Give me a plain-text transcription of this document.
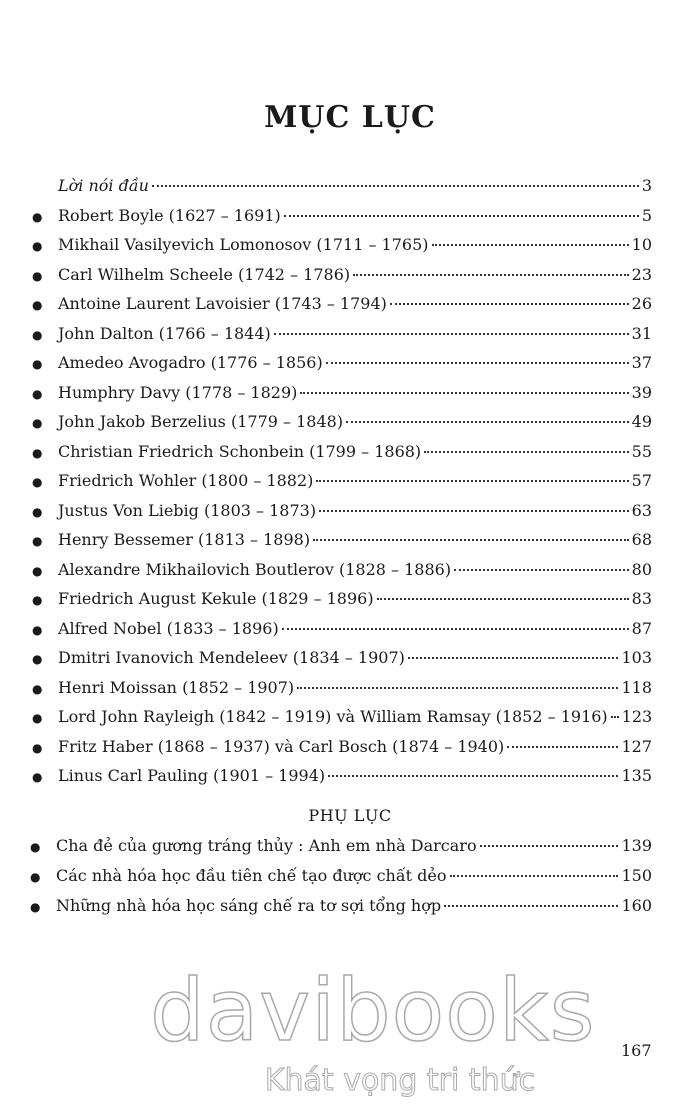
MỤC LỤC
Lời nói đầu	3
● Robert Boyle (1627 – 1691)	5
● Mikhail Vasilyevich Lomonosov (1711 – 1765)	10
● Carl Wilhelm Scheele (1742 – 1786)	23
● Antoine Laurent Lavoisier (1743 – 1794)	26
● John Dalton (1766 – 1844)	31
● Amedeo Avogadro (1776 – 1856)	37
● Humphry Davy (1778 – 1829)	39
● John Jakob Berzelius (1779 – 1848)	49
● Christian Friedrich Schonbein (1799 – 1868)	55
● Friedrich Wohler (1800 – 1882)	57
● Justus Von Liebig (1803 – 1873)	63
● Henry Bessemer (1813 – 1898)	68
● Alexandre Mikhailovich Boutlerov (1828 – 1886)	80
● Friedrich August Kekule (1829 – 1896)	83
● Alfred Nobel (1833 – 1896)	87
● Dmitri Ivanovich Mendeleev (1834 – 1907)	103
● Henri Moissan (1852 – 1907)	118
● Lord John Rayleigh (1842 – 1919) và William Ramsay (1852 – 1916) 123
● Fritz Haber (1868 – 1937) và Carl Bosch (1874 – 1940)	127
● Linus Carl Pauling (1901 – 1994)	135
PHỤ LỤC
● Cha đẻ của gương tráng thủy : Anh em nhà Darcaro	139
● Các nhà hóa học đầu tiên chế tạo được chất dẻo	150
● Những nhà hóa học sáng chế ra tơ sợi tổng hợp	160
167
davibooks
Khát vọng tri thức
